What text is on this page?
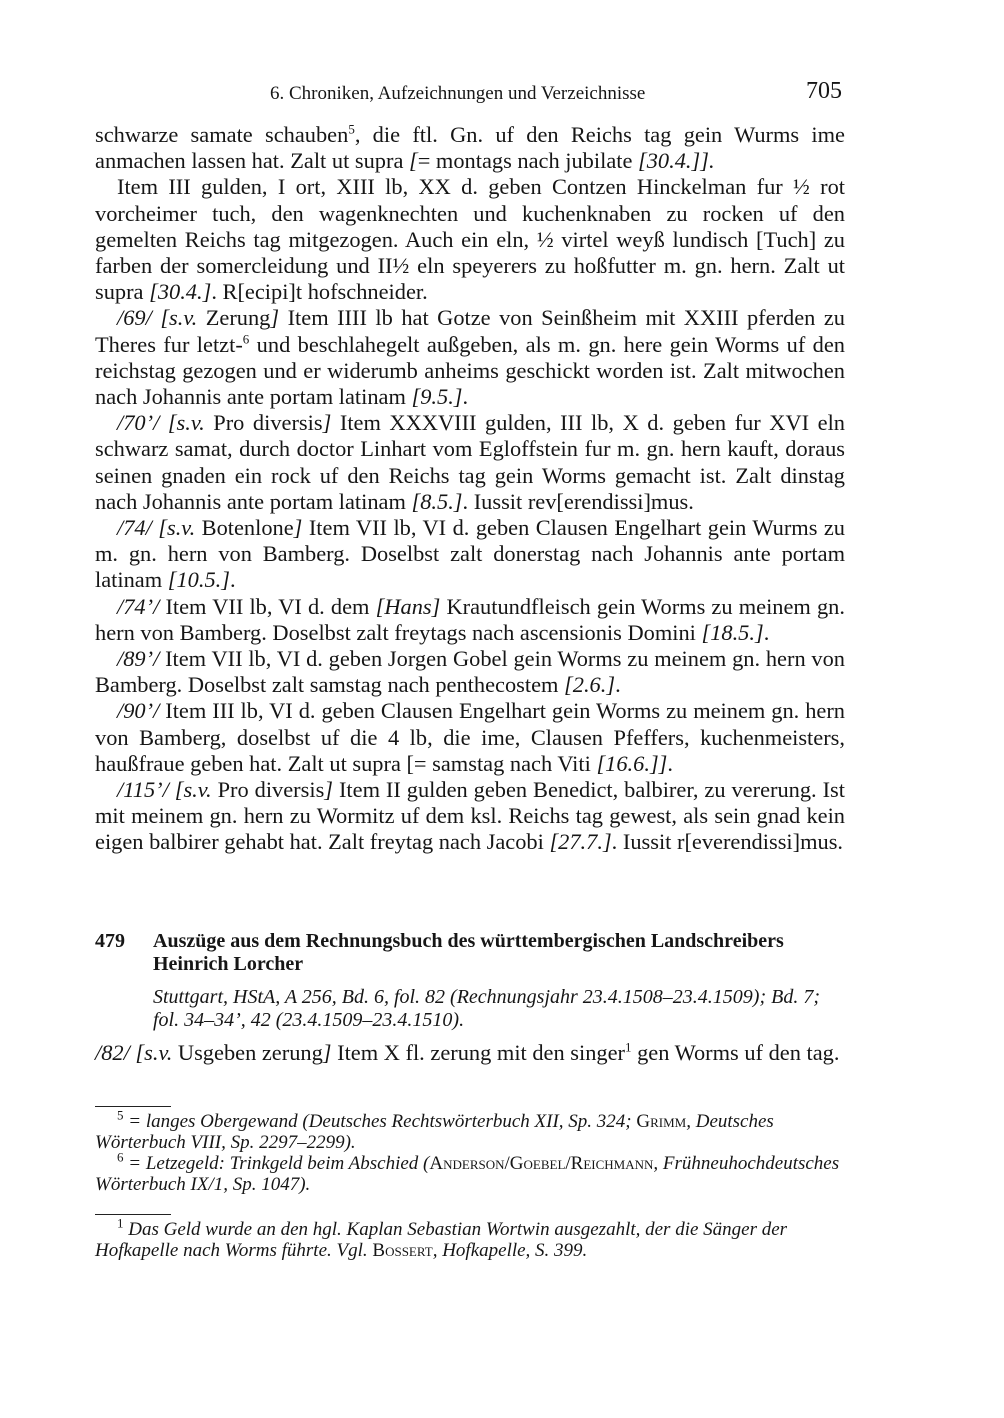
6. Chroniken, Aufzeichnungen und Verzeichnisse	705

schwarze samate schauben$^5$, die ftl. Gn. uf den Reichs tag gein Wurms ime anmachen lassen hat. Zalt ut supra [= montags nach jubilate [30.4.]].

Item III gulden, I ort, XIII lb, XX d. geben Contzen Hinckelman fur ½ rot vorcheimer tuch, den wagenknechten und kuchenknaben zu rocken uf den gemelten Reichs tag mitgezogen. Auch ein eln, ½ virtel weyß lundisch [Tuch] zu farben der somercleidung und II½ eln speyerers zu hoßfutter m. gn. hern. Zalt ut supra [30.4.]. R[ecipi]t hofschneider.

/69/ [s.v. Zerung] Item IIII lb hat Gotze von Seinßheim mit XXIII pferden zu Theres fur letzt-$^6$ und beschlahegelt außgeben, als m. gn. here gein Worms uf den reichstag gezogen und er widerumb anheims geschickt worden ist. Zalt mitwochen nach Johannis ante portam latinam [9.5.].

/70’/ [s.v. Pro diversis] Item XXXVIII gulden, III lb, X d. geben fur XVI eln schwarz samat, durch doctor Linhart vom Egloffstein fur m. gn. hern kauft, doraus seinen gnaden ein rock uf den Reichs tag gein Worms gemacht ist. Zalt dinstag nach Johannis ante portam latinam [8.5.]. Iussit rev[erendissi]mus.

/74/ [s.v. Botenlone] Item VII lb, VI d. geben Clausen Engelhart gein Wurms zu m. gn. hern von Bamberg. Doselbst zalt donerstag nach Johannis ante portam latinam [10.5.].

/74’/ Item VII lb, VI d. dem [Hans] Krautundfleisch gein Worms zu meinem gn. hern von Bamberg. Doselbst zalt freytags nach ascensionis Domini [18.5.].

/89’/ Item VII lb, VI d. geben Jorgen Gobel gein Worms zu meinem gn. hern von Bamberg. Doselbst zalt samstag nach penthecostem [2.6.].

/90’/ Item III lb, VI d. geben Clausen Engelhart gein Worms zu meinem gn. hern von Bamberg, doselbst uf die 4 lb, die ime, Clausen Pfeffers, kuchenmeisters, haußfraue geben hat. Zalt ut supra [= samstag nach Viti [16.6.]].

/115’/ [s.v. Pro diversis] Item II gulden geben Benedict, balbirer, zu vererung. Ist mit meinem gn. hern zu Wormitz uf dem ksl. Reichs tag gewest, als sein gnad kein eigen balbirer gehabt hat. Zalt freytag nach Jacobi [27.7.]. Iussit r[everendissi]mus.

479 Auszüge aus dem Rechnungsbuch des württembergischen Landschreibers Heinrich Lorcher
Stuttgart, HStA, A 256, Bd. 6, fol. 82 (Rechnungsjahr 23.4.1508–23.4.1509); Bd. 7; fol. 34–34’, 42 (23.4.1509–23.4.1510).
/82/ [s.v. Usgeben zerung] Item X fl. zerung mit den singer$^1$ gen Worms uf den tag.

$^5$ = langes Obergewand (Deutsches Rechtswörterbuch XII, Sp. 324; Grimm, Deutsches Wörterbuch VIII, Sp. 2297–2299).

$^6$ = Letzegeld: Trinkgeld beim Abschied (Anderson/Goebel/Reichmann, Frühneuhochdeutsches Wörterbuch IX/1, Sp. 1047).

$^1$ Das Geld wurde an den hgl. Kaplan Sebastian Wortwin ausgezahlt, der die Sänger der Hofkapelle nach Worms führte. Vgl. Bossert, Hofkapelle, S. 399.
